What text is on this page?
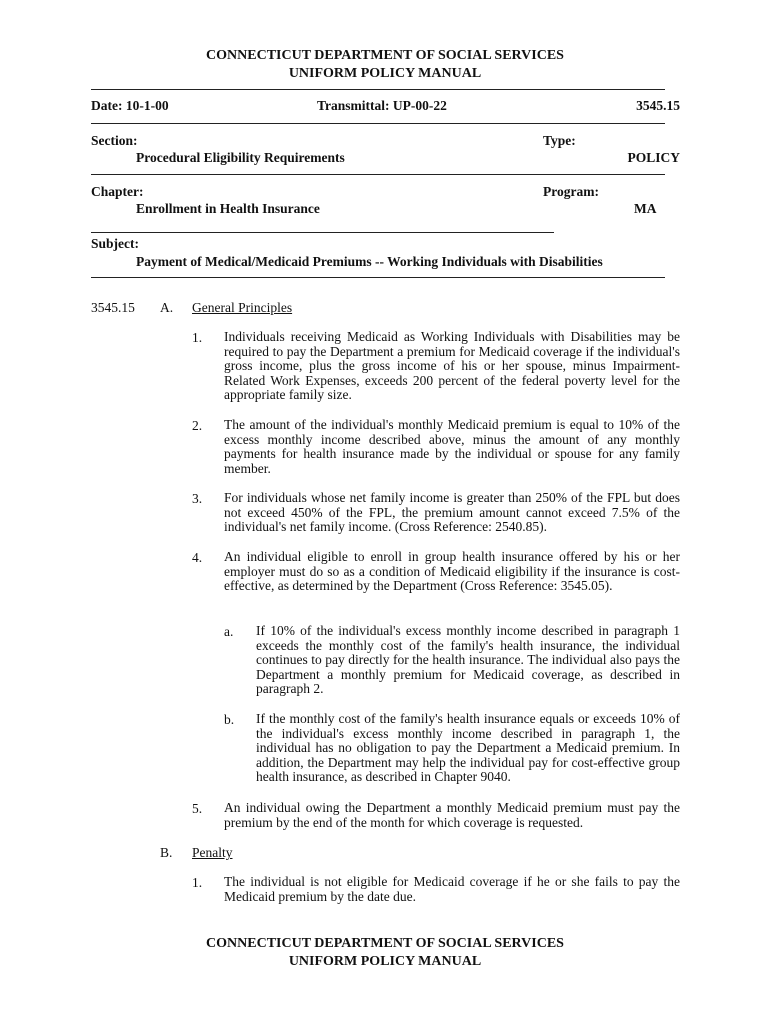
CONNECTICUT DEPARTMENT OF SOCIAL SERVICES
UNIFORM POLICY MANUAL
Date: 10-1-00	Transmittal: UP-00-22	3545.15
Section:
Procedural Eligibility Requirements
Type:
POLICY
Chapter:
Enrollment in Health Insurance
Program:
MA
Subject:
Payment of Medical/Medicaid Premiums -- Working Individuals with Disabilities
3545.15 A. General Principles
1. Individuals receiving Medicaid as Working Individuals with Disabilities may be required to pay the Department a premium for Medicaid coverage if the individual's gross income, plus the gross income of his or her spouse, minus Impairment-Related Work Expenses, exceeds 200 percent of the federal poverty level for the appropriate family size.
2. The amount of the individual's monthly Medicaid premium is equal to 10% of the excess monthly income described above, minus the amount of any monthly payments for health insurance made by the individual or spouse for any family member.
3. For individuals whose net family income is greater than 250% of the FPL but does not exceed 450% of the FPL, the premium amount cannot exceed 7.5% of the individual's net family income. (Cross Reference: 2540.85).
4. An individual eligible to enroll in group health insurance offered by his or her employer must do so as a condition of Medicaid eligibility if the insurance is cost-effective, as determined by the Department (Cross Reference: 3545.05).
a. If 10% of the individual's excess monthly income described in paragraph 1 exceeds the monthly cost of the family's health insurance, the individual continues to pay directly for the health insurance. The individual also pays the Department a monthly premium for Medicaid coverage, as described in paragraph 2.
b. If the monthly cost of the family's health insurance equals or exceeds 10% of the individual's excess monthly income described in paragraph 1, the individual has no obligation to pay the Department a Medicaid premium. In addition, the Department may help the individual pay for cost-effective group health insurance, as described in Chapter 9040.
5. An individual owing the Department a monthly Medicaid premium must pay the premium by the end of the month for which coverage is requested.
B. Penalty
1. The individual is not eligible for Medicaid coverage if he or she fails to pay the Medicaid premium by the date due.
CONNECTICUT DEPARTMENT OF SOCIAL SERVICES
UNIFORM POLICY MANUAL
